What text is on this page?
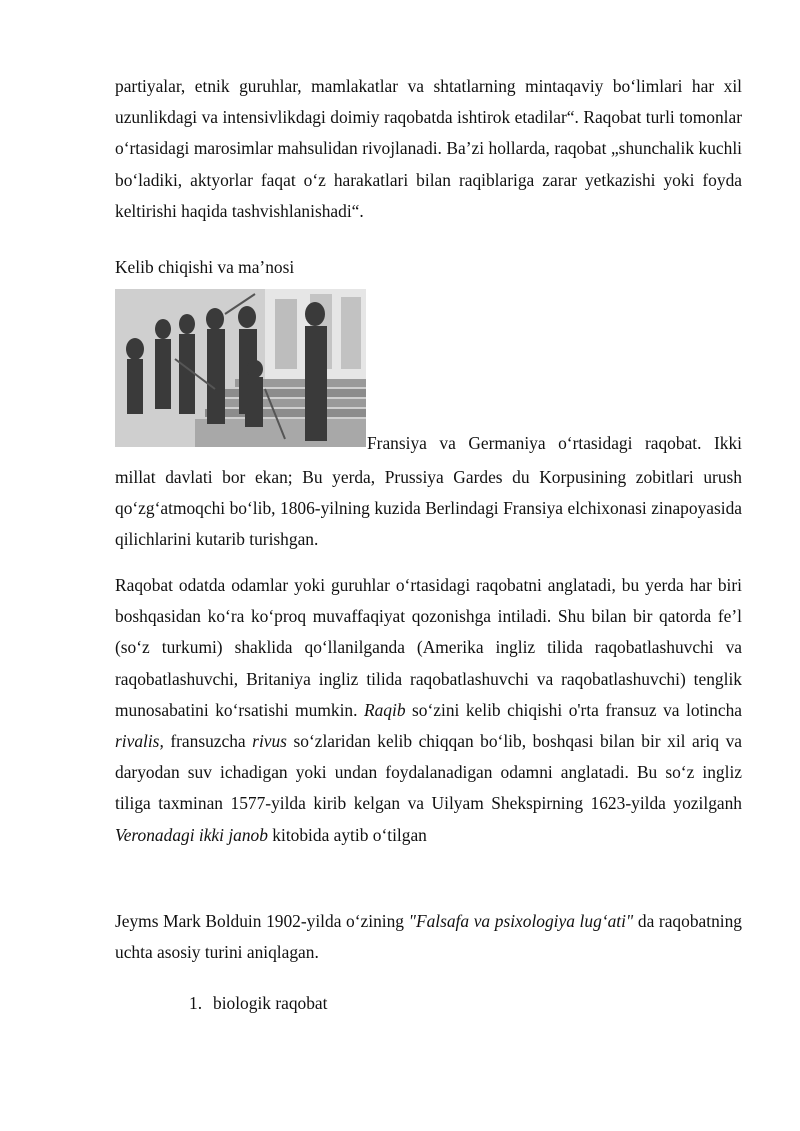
partiyalar, etnik guruhlar, mamlakatlar va shtatlarning mintaqaviy bo‘limlari har xil uzunlikdagi va intensivlikdagi doimiy raqobatda ishtirok etadilar“. Raqobat turli tomonlar o‘rtasidagi marosimlar mahsulidan rivojlanadi. Ba’zi hollarda, raqobat „shunchalik kuchli bo‘ladiki, aktyorlar faqat o‘z harakatlari bilan raqiblariga zarar yetkazishi yoki foyda keltirishi haqida tashvishlanishadi“.

Kelib chiqishi va ma’nosi

Fransiya va Germaniya o‘rtasidagi raqobat. Ikki

millat davlati bor ekan; Bu yerda, Prussiya Gardes du Korpusining zobitlari urush qo‘zg‘atmoqchi bo‘lib, 1806-yilning kuzida Berlindagi Fransiya elchixonasi zinapoyasida qilichlarini kutarib turishgan.

Raqobat odatda odamlar yoki guruhlar o‘rtasidagi raqobatni anglatadi, bu yerda har biri boshqasidan ko‘ra ko‘proq muvaffaqiyat qozonishga intiladi. Shu bilan bir qatorda fe’l (so‘z turkumi) shaklida qo‘llanilganda (Amerika ingliz tilida raqobatlashuvchi va raqobatlashuvchi, Britaniya ingliz tilida raqobatlashuvchi va raqobatlashuvchi) tenglik munosabatini ko‘rsatishi mumkin. Raqib so‘zini kelib chiqishi o'rta fransuz va lotincha rivalis, fransuzcha rivus so‘zlaridan kelib chiqqan bo‘lib, boshqasi bilan bir xil ariq va daryodan suv ichadigan yoki undan foydalanadigan odamni anglatadi. Bu so‘z ingliz tiliga taxminan 1577-yilda kirib kelgan va Uilyam Shekspirning 1623-yilda yozilganh Veronadagi ikki janob kitobida aytib o‘tilgan

Jeyms Mark Bolduin 1902-yilda o‘zining "Falsafa va psixologiya lug‘ati" da raqobatning uchta asosiy turini aniqlagan.

1. biologik raqobat
